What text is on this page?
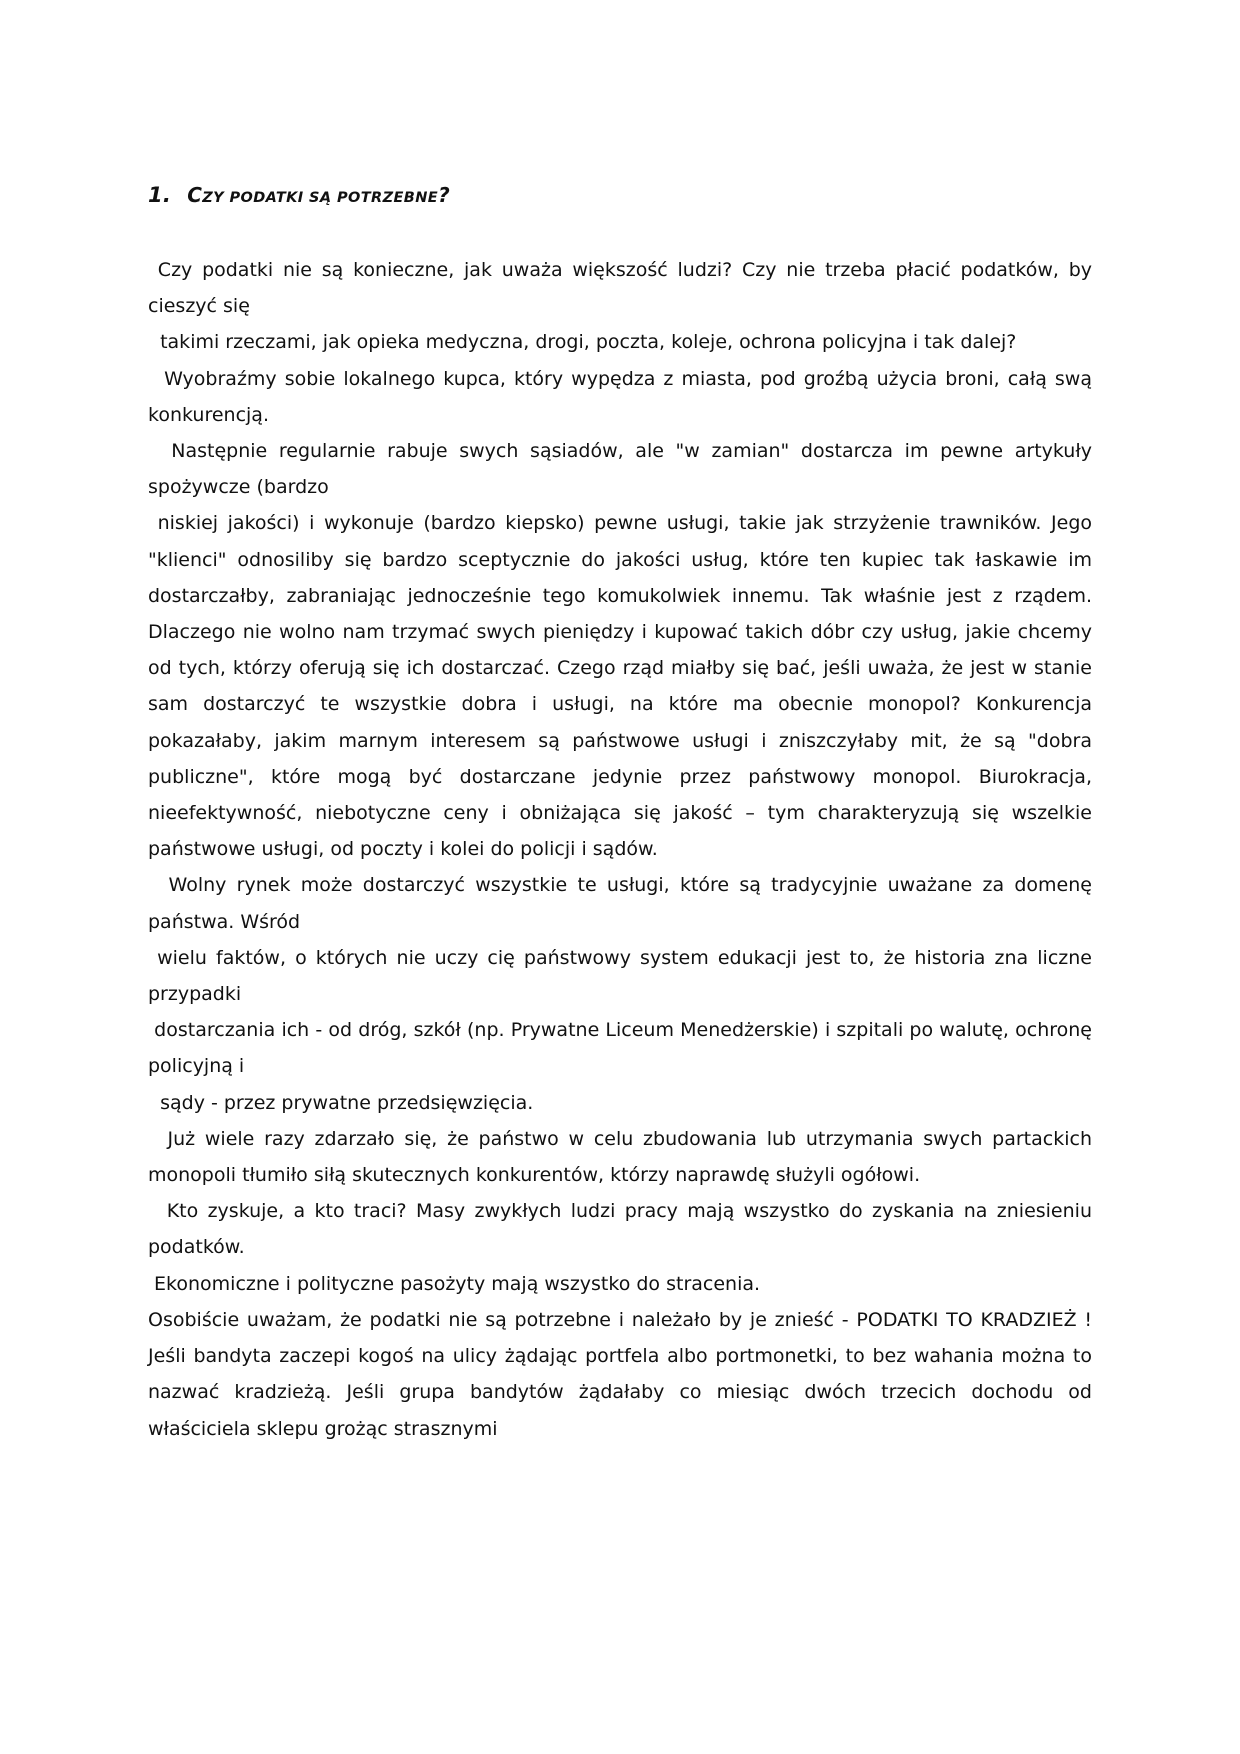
1. C ZY PODATKI SĄ POTRZEBNE ?

Czy podatki nie są konieczne, jak uważa większość ludzi? Czy nie trzeba płacić podatków, by cieszyć się

takimi rzeczami, jak opieka medyczna, drogi, poczta, koleje, ochrona policyjna i tak dalej?

Wyobraźmy sobie lokalnego kupca, który wypędza z miasta, pod groźbą użycia broni, całą swą konkurencją.

Następnie regularnie rabuje swych sąsiadów, ale "w zamian" dostarcza im pewne artykuły spożywcze (bardzo

niskiej jakości) i wykonuje (bardzo kiepsko) pewne usługi, takie jak strzyżenie trawników. Jego "klienci" odnosiliby się bardzo sceptycznie do jakości usług, które ten kupiec tak łaskawie im dostarczałby, zabraniając jednocześnie tego komukolwiek innemu. Tak właśnie jest z rządem. Dlaczego nie wolno nam trzymać swych pieniędzy i kupować takich dóbr czy usług, jakie chcemy od tych, którzy oferują się ich dostarczać. Czego rząd miałby się bać, jeśli uważa, że jest w stanie sam dostarczyć te wszystkie dobra i usługi, na które ma obecnie monopol? Konkurencja pokazałaby, jakim marnym interesem są państwowe usługi i zniszczyłaby mit, że są "dobra publiczne", które mogą być dostarczane jedynie przez państwowy monopol. Biurokracja, nieefektywność, niebotyczne ceny i obniżająca się jakość – tym charakteryzują się wszelkie państwowe usługi, od poczty i kolei do policji i sądów.

Wolny rynek może dostarczyć wszystkie te usługi, które są tradycyjnie uważane za domenę państwa. Wśród

wielu faktów, o których nie uczy cię państwowy system edukacji jest to, że historia zna liczne przypadki

dostarczania ich - od dróg, szkół (np. Prywatne Liceum Menedżerskie) i szpitali po walutę, ochronę policyjną i

sądy - przez prywatne przedsięwzięcia.

Już wiele razy zdarzało się, że państwo w celu zbudowania lub utrzymania swych partackich monopoli tłumiło siłą skutecznych konkurentów, którzy naprawdę służyli ogółowi.

Kto zyskuje, a kto traci? Masy zwykłych ludzi pracy mają wszystko do zyskania na zniesieniu podatków.

Ekonomiczne i polityczne pasożyty mają wszystko do stracenia.

Osobiście uważam, że podatki nie są potrzebne i należało by je znieść - PODATKI TO KRADZIEŻ ! Jeśli bandyta zaczepi kogoś na ulicy żądając portfela albo portmonetki, to bez wahania można to nazwać kradzieżą. Jeśli grupa bandytów żądałaby co miesiąc dwóch trzecich dochodu od właściciela sklepu grożąc strasznymi
